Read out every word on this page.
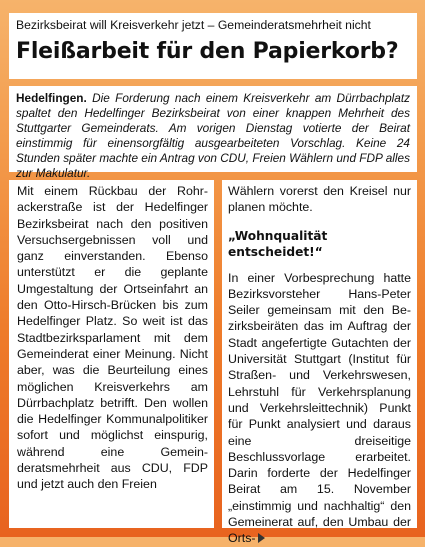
Bezirksbeirat will Kreisverkehr jetzt – Gemeinderatsmehrheit nicht
Fleißarbeit für den Papierkorb?
Hedelfingen. Die Forderung nach einem Kreisverkehr am Dürrbachplatz spaltet den Hedelfinger Bezirksbeirat von einer knappen Mehrheit des Stuttgarter Gemeinderats. Am vorigen Dienstag votierte der Beirat einstimmig für einensorgfältig ausgearbeiteten Vorschlag. Keine 24 Stunden später machte ein Antrag von CDU, Freien Wählern und FDP alles zur Makulatur.

Mit einem Rückbau der Rohrackerstraße ist der Hedelfinger Bezirksbeirat nach den positiven Versuchsergebnissen voll und ganz einverstanden. Ebenso unterstützt er die geplante Umgestaltung der Ortseinfahrt an den Otto-Hirsch-Brücken bis zum Hedelfinger Platz. So weit ist das Stadtbezirksparlament mit dem Gemeinderat einer Meinung. Nicht aber, was die Beurteilung eines möglichen Kreisverkehrs am Dürrbachplatz betrifft. Den wollen die Hedelfinger Kommunalpolitiker sofort und möglichst einspurig, während eine Gemeinderatsmehrheit aus CDU, FDP und jetzt auch den Freien

Wählern vorerst den Kreisel nur planen möchte.

„Wohnqualität entscheidet!“

In einer Vorbesprechung hatte Bezirksvorsteher Hans-Peter Seiler gemeinsam mit den Bezirksbeiräten das im Auftrag der Stadt angefertigte Gutachten der Universität Stuttgart (Institut für Straßen- und Verkehrswesen, Lehrstuhl für Verkehrsplanung und Verkehrsleittechnik) Punkt für Punkt analysiert und daraus eine dreiseitige Beschlussvorlage erarbeitet. Darin forderte der Hedelfinger Beirat am 15. November „einstimmig und nachhaltig“ den Gemeinerat auf, den Umbau der Orts-
